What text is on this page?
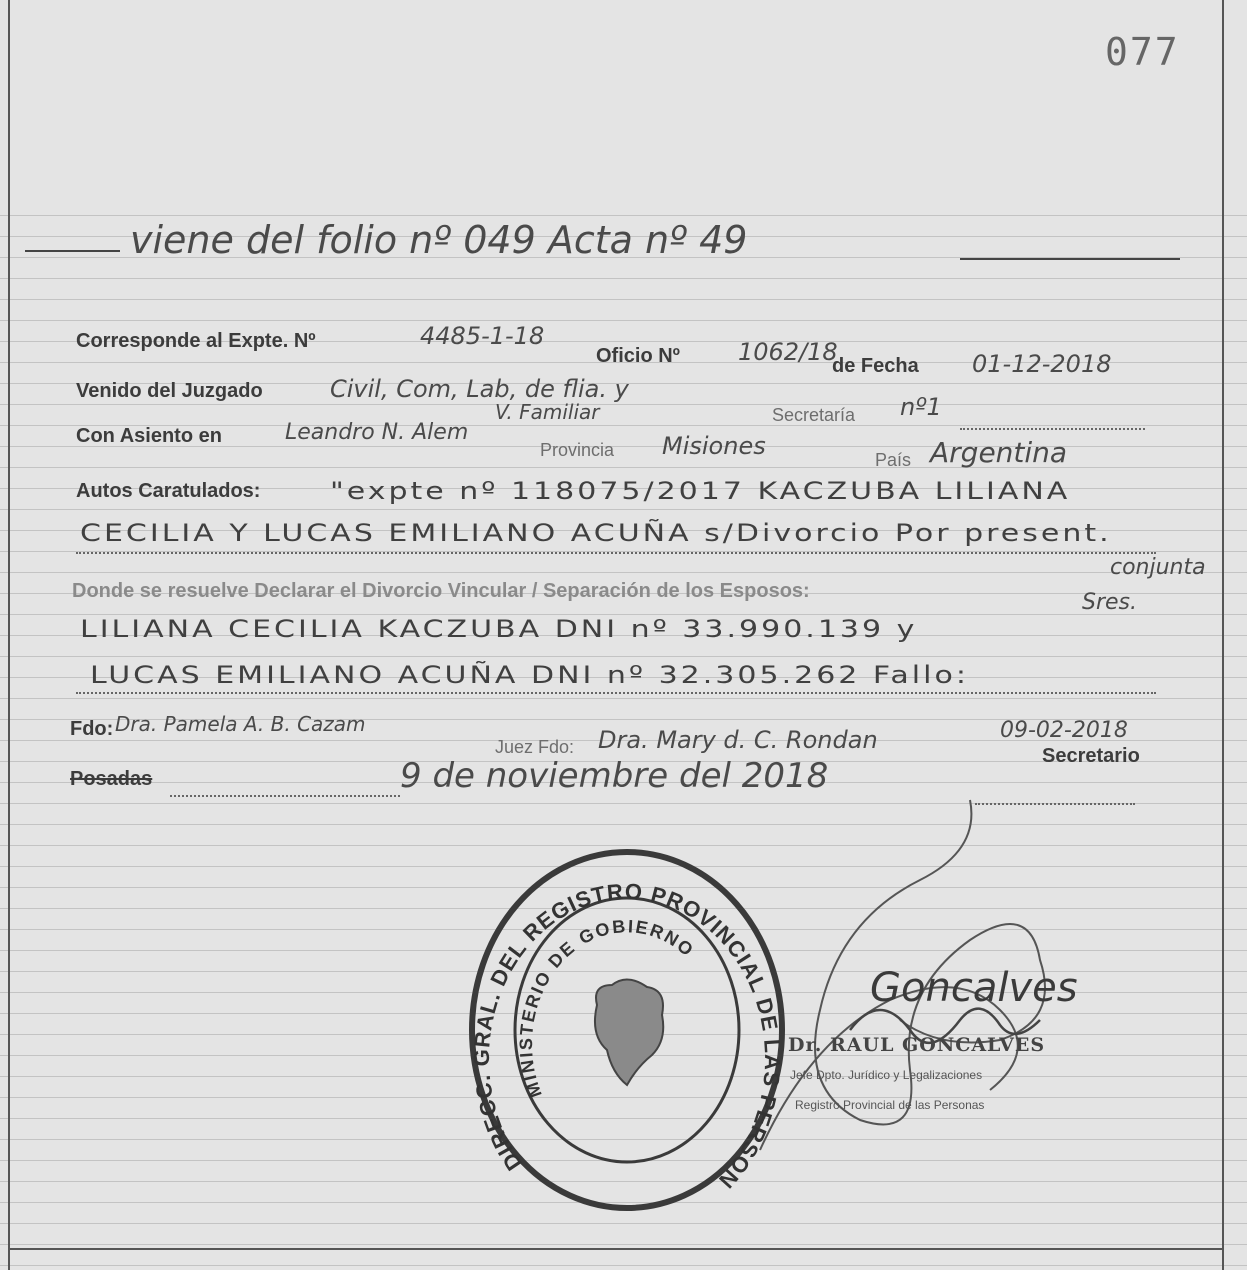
077
viene del folio nº 049 Acta nº 49
Corresponde al Expte. Nº	4485-1-18
Oficio Nº 1062/18
de Fecha 01-12-2018
Venido del Juzgado	Civil, Com, Lab, de flia. y
V. Familiar	Secretaría nº1
Con Asiento en	Leandro N. Alem
Provincia Misiones	País Argentina
Autos Caratulados: "expte nº 118075/2017 KACZUBA LILIANA
CECILIA Y LUCAS EMILIANO ACUÑA s/Divorcio Por present.
conjunta
Donde se resuelve Declarar el Divorcio Vincular / Separación de los Esposos:	Sres.
LILIANA CECILIA KACZUBA DNI nº 33.990.139 y
LUCAS EMILIANO ACUÑA DNI nº 32.305.262 Fallo:
Fdo: Dra. Pamela A. B. Cazam
Juez Fdo: Dra. Mary d. C. Rondan	09-02-2018
Secretario
Posadas	9 de noviembre del 2018
DIRECC. GRAL. DEL REGISTRO PROVINCIAL DE LAS PERSON
MINISTERIO DE GOBIERNO
Goncalves
Dr. RAUL GONCALVES
Jefe Dpto. Jurídico y Legalizaciones
Registro Provincial de las Personas
